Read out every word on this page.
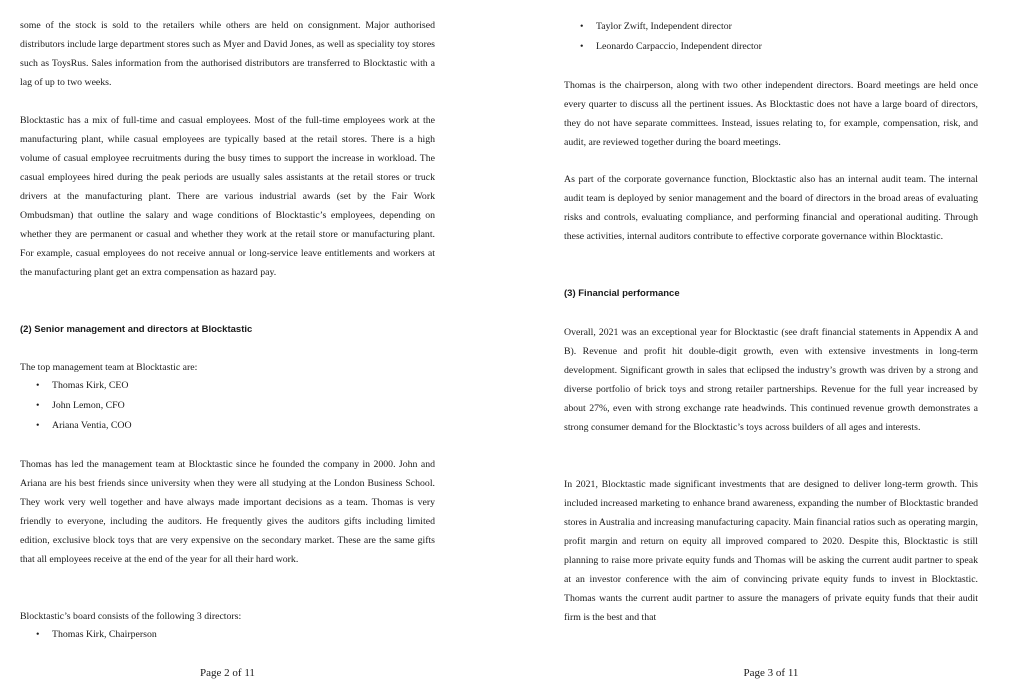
some of the stock is sold to the retailers while others are held on consignment. Major authorised distributors include large department stores such as Myer and David Jones, as well as speciality toy stores such as ToysRus. Sales information from the authorised distributors are transferred to Blocktastic with a lag of up to two weeks.

Blocktastic has a mix of full-time and casual employees. Most of the full-time employees work at the manufacturing plant, while casual employees are typically based at the retail stores. There is a high volume of casual employee recruitments during the busy times to support the increase in workload. The casual employees hired during the peak periods are usually sales assistants at the retail stores or truck drivers at the manufacturing plant. There are various industrial awards (set by the Fair Work Ombudsman) that outline the salary and wage conditions of Blocktastic’s employees, depending on whether they are permanent or casual and whether they work at the retail store or manufacturing plant. For example, casual employees do not receive annual or long-service leave entitlements and workers at the manufacturing plant get an extra compensation as hazard pay.

(2) Senior management and directors at Blocktastic

The top management team at Blocktastic are:

• Thomas Kirk, CEO
• John Lemon, CFO
• Ariana Ventia, COO

Thomas has led the management team at Blocktastic since he founded the company in 2000. John and Ariana are his best friends since university when they were all studying at the London Business School. They work very well together and have always made important decisions as a team. Thomas is very friendly to everyone, including the auditors. He frequently gives the auditors gifts including limited edition, exclusive block toys that are very expensive on the secondary market. These are the same gifts that all employees receive at the end of the year for all their hard work.

Blocktastic’s board consists of the following 3 directors:

• Thomas Kirk, Chairperson
Page 2 of 11
• Taylor Zwift, Independent director
• Leonardo Carpaccio, Independent director

Thomas is the chairperson, along with two other independent directors. Board meetings are held once every quarter to discuss all the pertinent issues. As Blocktastic does not have a large board of directors, they do not have separate committees. Instead, issues relating to, for example, compensation, risk, and audit, are reviewed together during the board meetings.

As part of the corporate governance function, Blocktastic also has an internal audit team. The internal audit team is deployed by senior management and the board of directors in the broad areas of evaluating risks and controls, evaluating compliance, and performing financial and operational auditing. Through these activities, internal auditors contribute to effective corporate governance within Blocktastic.

(3) Financial performance

Overall, 2021 was an exceptional year for Blocktastic (see draft financial statements in Appendix A and B). Revenue and profit hit double-digit growth, even with extensive investments in long-term development. Significant growth in sales that eclipsed the industry’s growth was driven by a strong and diverse portfolio of brick toys and strong retailer partnerships. Revenue for the full year increased by about 27%, even with strong exchange rate headwinds. This continued revenue growth demonstrates a strong consumer demand for the Blocktastic’s toys across builders of all ages and interests.

In 2021, Blocktastic made significant investments that are designed to deliver long-term growth. This included increased marketing to enhance brand awareness, expanding the number of Blocktastic branded stores in Australia and increasing manufacturing capacity. Main financial ratios such as operating margin, profit margin and return on equity all improved compared to 2020. Despite this, Blocktastic is still planning to raise more private equity funds and Thomas will be asking the current audit partner to speak at an investor conference with the aim of convincing private equity funds to invest in Blocktastic. Thomas wants the current audit partner to assure the managers of private equity funds that their audit firm is the best and that

Page 3 of 11
